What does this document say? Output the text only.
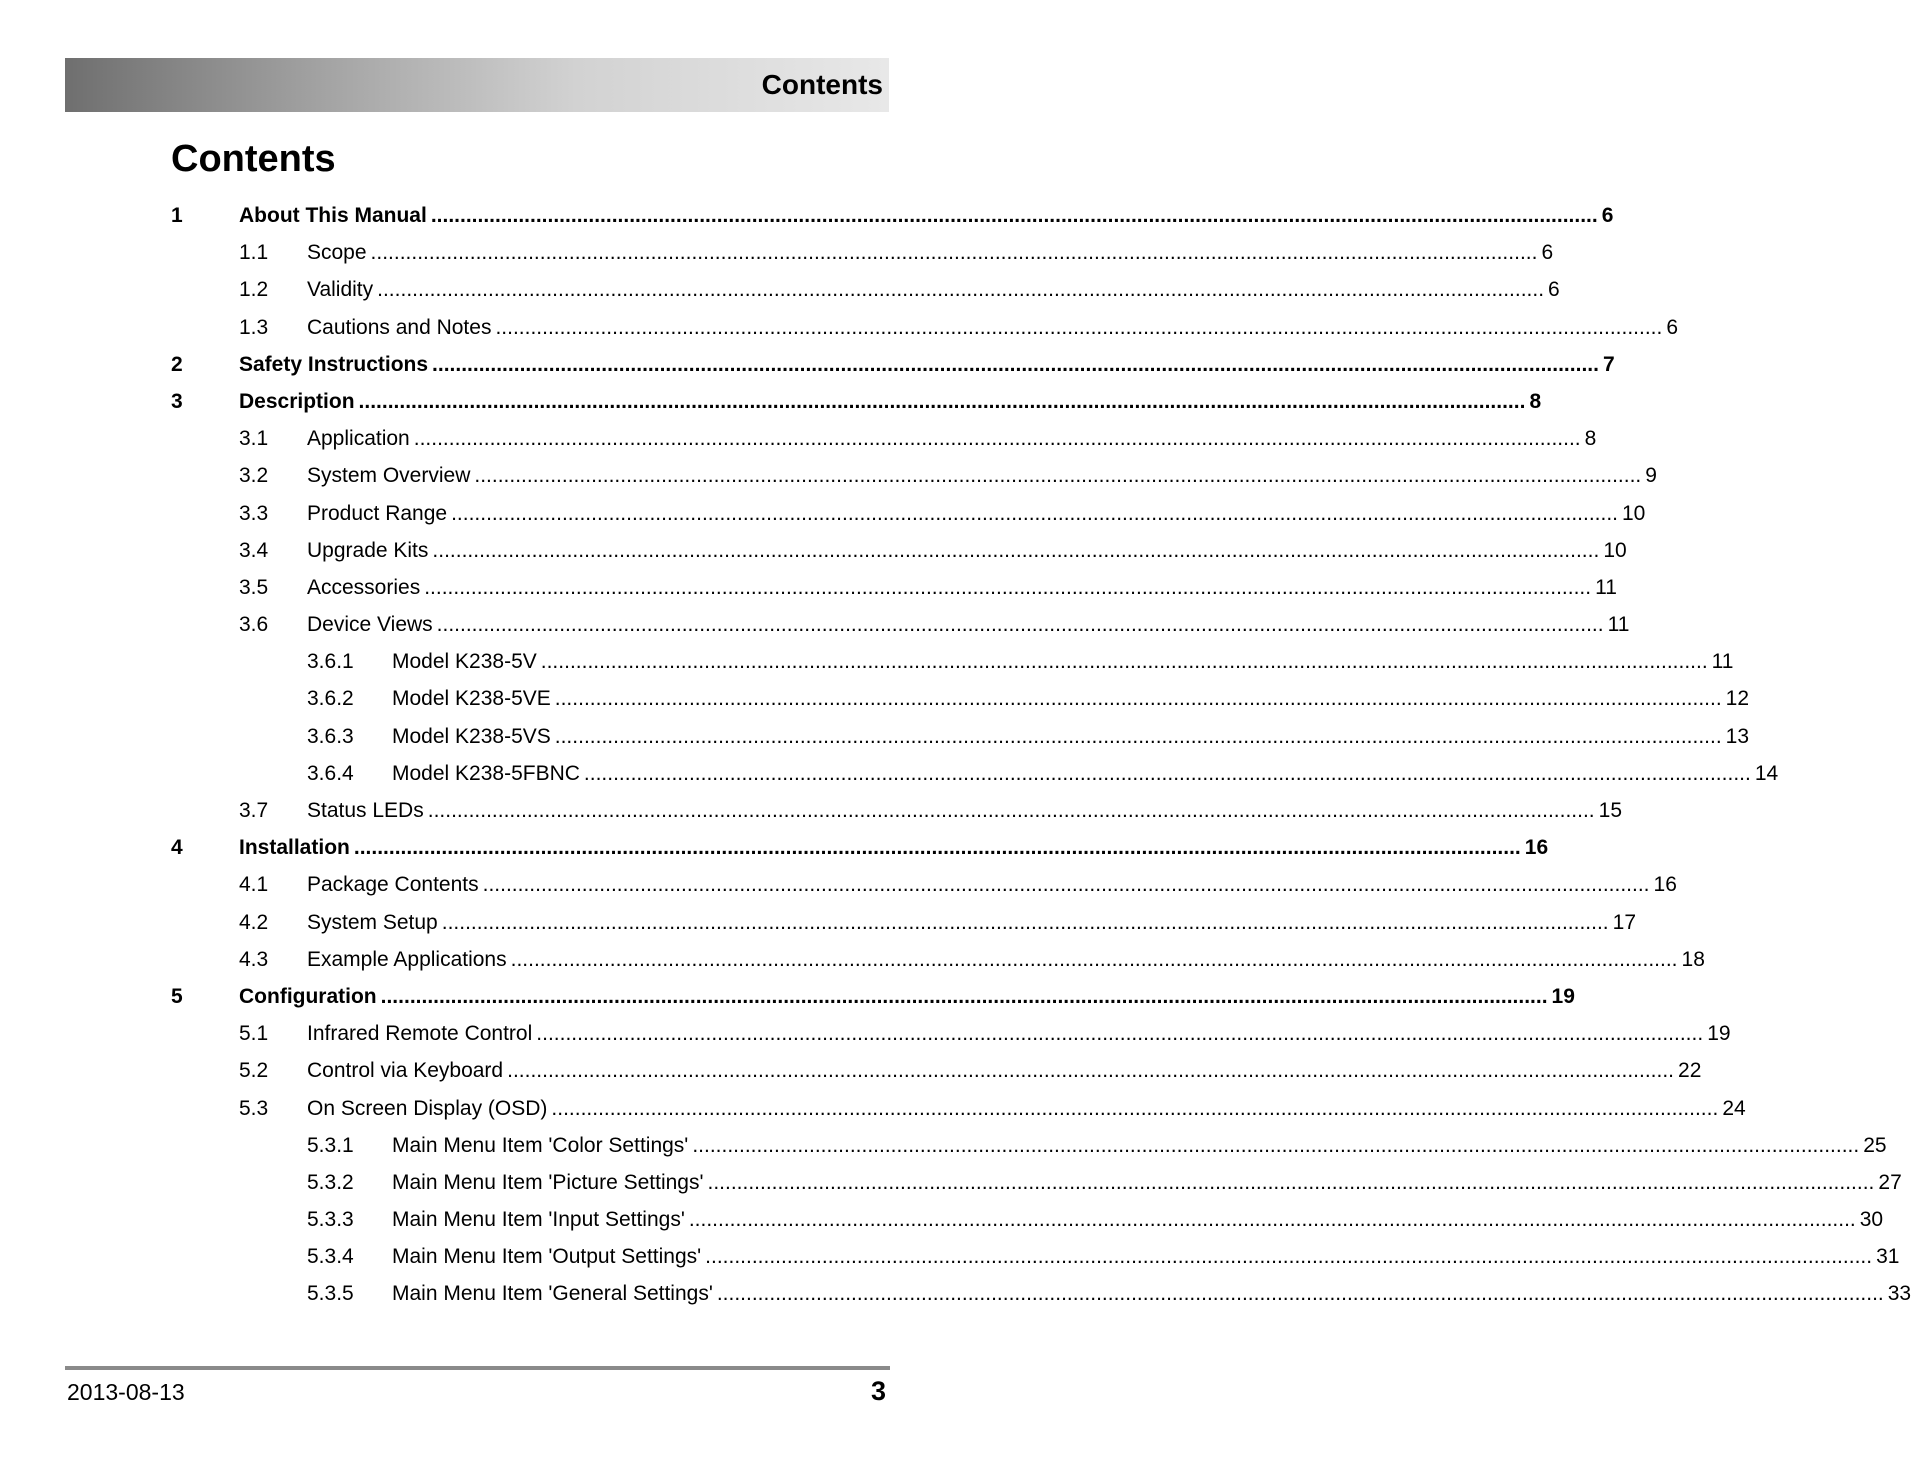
Contents
Contents
1	About This Manual ........................................................................................................................................................................................................ 6
1.1 Scope ........................................................................................................................................................................................................ 6
1.2 Validity ........................................................................................................................................................................................................ 6
1.3 Cautions and Notes ........................................................................................................................................................................................................ 6
2	Safety Instructions ........................................................................................................................................................................................................ 7
3	Description ........................................................................................................................................................................................................ 8
3.1 Application ........................................................................................................................................................................................................ 8
3.2 System Overview ........................................................................................................................................................................................................ 9
3.3 Product Range ........................................................................................................................................................................................................ 10
3.4 Upgrade Kits ........................................................................................................................................................................................................ 10
3.5 Accessories ........................................................................................................................................................................................................ 11
3.6 Device Views ........................................................................................................................................................................................................ 11
3.6.1 Model K238-5V ........................................................................................................................................................................................................ 11
3.6.2 Model K238-5VE ........................................................................................................................................................................................................ 12
3.6.3 Model K238-5VS ........................................................................................................................................................................................................ 13
3.6.4 Model K238-5FBNC ........................................................................................................................................................................................................ 14
3.7 Status LEDs ........................................................................................................................................................................................................ 15
4	Installation ........................................................................................................................................................................................................ 16
4.1 Package Contents ........................................................................................................................................................................................................ 16
4.2 System Setup ........................................................................................................................................................................................................ 17
4.3 Example Applications ........................................................................................................................................................................................................ 18
5	Configuration ........................................................................................................................................................................................................ 19
5.1 Infrared Remote Control ........................................................................................................................................................................................................ 19
5.2 Control via Keyboard ........................................................................................................................................................................................................ 22
5.3 On Screen Display (OSD) ........................................................................................................................................................................................................ 24
5.3.1 Main Menu Item 'Color Settings' ........................................................................................................................................................................................................ 25
5.3.2 Main Menu Item 'Picture Settings' ........................................................................................................................................................................................................ 27
5.3.3 Main Menu Item 'Input Settings' ........................................................................................................................................................................................................ 30
5.3.4 Main Menu Item 'Output Settings' ........................................................................................................................................................................................................ 31
5.3.5 Main Menu Item 'General Settings' ........................................................................................................................................................................................................ 33
2013-08-13	3
